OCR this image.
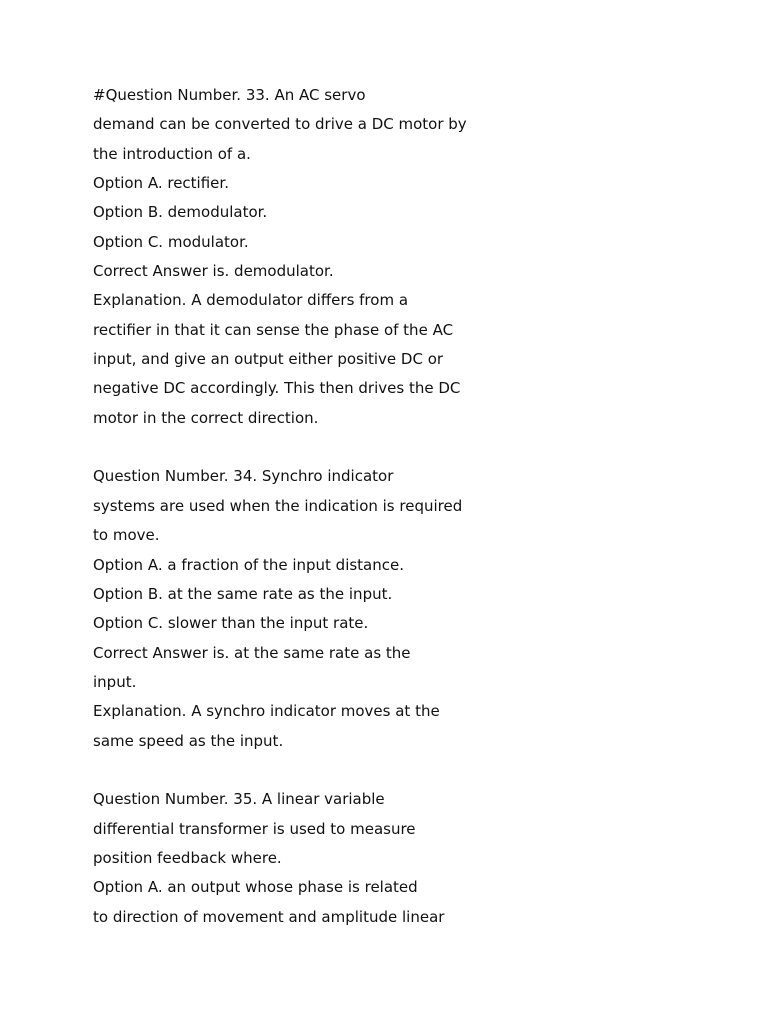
#Question Number. 33. An AC servo
demand can be converted to drive a DC motor by
the introduction of a.
Option A. rectifier.
Option B. demodulator.
Option C. modulator.
Correct Answer is. demodulator.
Explanation. A demodulator differs from a
rectifier in that it can sense the phase of the AC
input, and give an output either positive DC or
negative DC accordingly. This then drives the DC
motor in the correct direction.
Question Number. 34. Synchro indicator
systems are used when the indication is required
to move.
Option A. a fraction of the input distance.
Option B. at the same rate as the input.
Option C. slower than the input rate.
Correct Answer is. at the same rate as the
input.
Explanation. A synchro indicator moves at the
same speed as the input.
Question Number. 35. A linear variable
differential transformer is used to measure
position feedback where.
Option A. an output whose phase is related
to direction of movement and amplitude linear
